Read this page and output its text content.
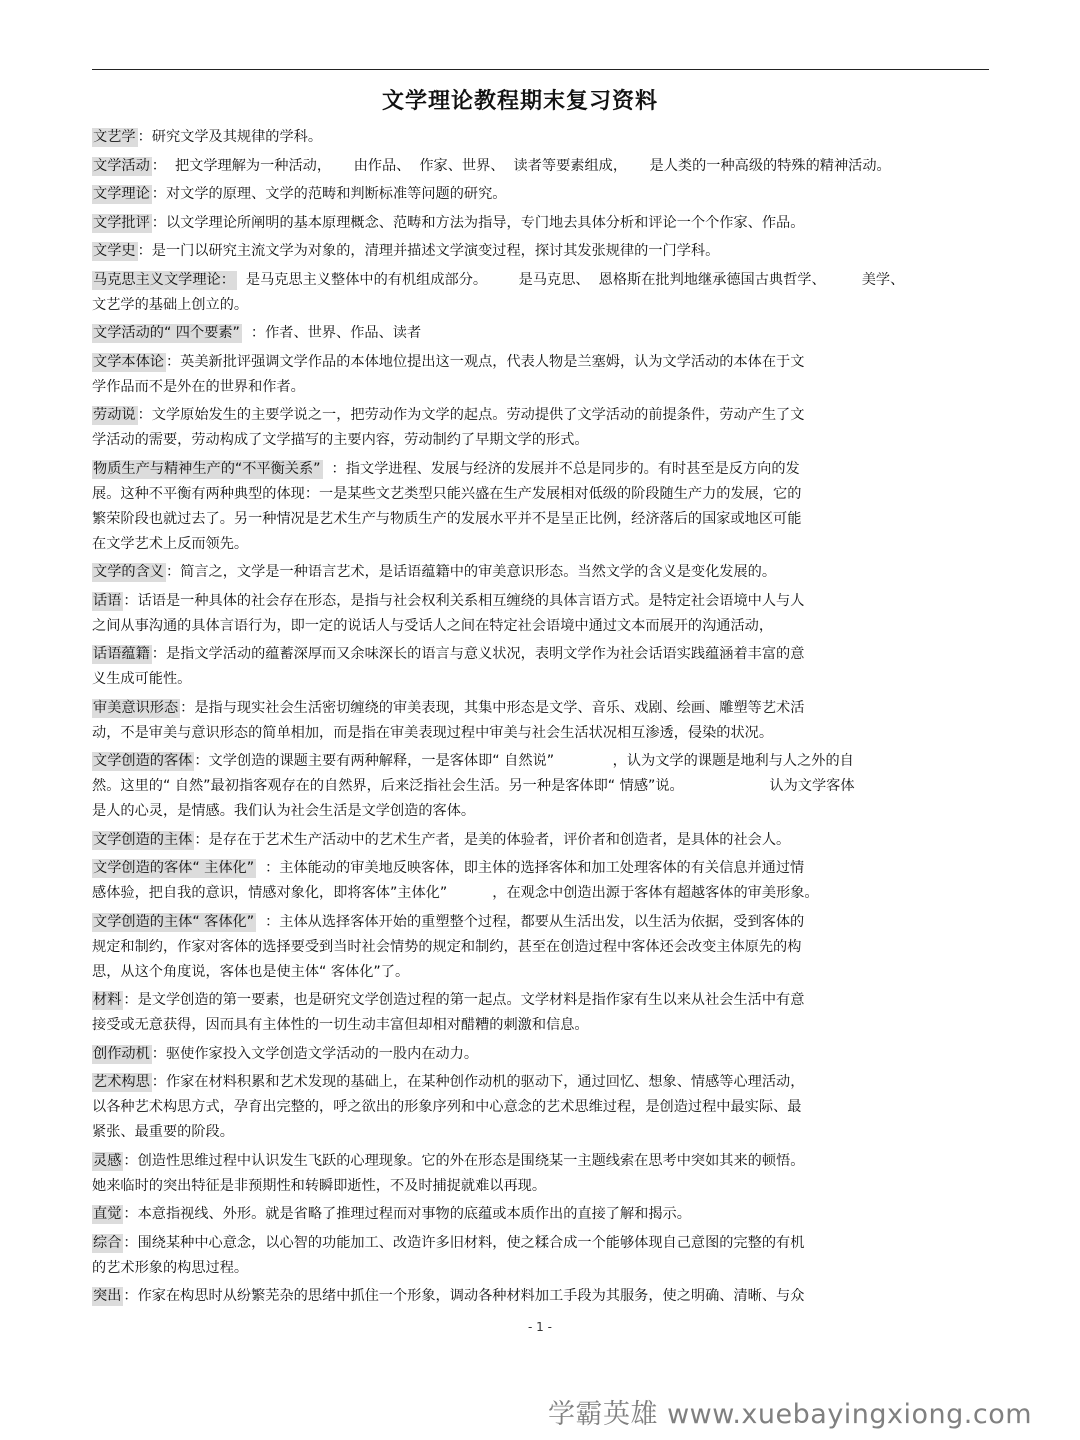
文学理论教程期末复习资料
文艺学 ：研究文学及其规律的学科。
文学活动 ：  把文学理解为一种活动，     由作品、  作家、世界、  读者等要素组成，     是人类的一种高级的特殊的精神活动。
文学理论 ：对文学的原理、文学的范畴和判断标准等问题的研究。
文学批评 ：以文学理论所阐明的基本原理概念、范畴和方法为指导，专门地去具体分析和评论一个个作家、作品。
文学史 ：是一门以研究主流文学为对象的，清理并描述文学演变过程，探讨其发张规律的一门学科。
马克思主义文学理论：  是马克思主义整体中的有机组成部分。       是马克思、  恩格斯在批判地继承德国古典哲学、        美学、
文艺学的基础上创立的。
文学活动的“ 四个要素”  ：作者、世界、作品、读者
文学本体论 ：英美新批评强调文学作品的本体地位提出这一观点，代表人物是兰塞姆，认为文学活动的本体在于文
学作品而不是外在的世界和作者。
劳动说 ：文学原始发生的主要学说之一，把劳动作为文学的起点。劳动提供了文学活动的前提条件，劳动产生了文
学活动的需要，劳动构成了文学描写的主要内容，劳动制约了早期文学的形式。
物质生产与精神生产的“不平衡关系”  ：指文学进程、发展与经济的发展并不总是同步的。有时甚至是反方向的发
展。这种不平衡有两种典型的体现：一是某些文艺类型只能兴盛在生产发展相对低级的阶段随生产力的发展，它的
繁荣阶段也就过去了。另一种情况是艺术生产与物质生产的发展水平并不是呈正比例，经济落后的国家或地区可能
在文学艺术上反而领先。
文学的含义 ：简言之，文学是一种语言艺术，是话语蕴籍中的审美意识形态。当然文学的含义是变化发展的。
话语 ：话语是一种具体的社会存在形态，是指与社会权利关系相互缠绕的具体言语方式。是特定社会语境中人与人
之间从事沟通的具体言语行为，即一定的说话人与受话人之间在特定社会语境中通过文本而展开的沟通活动，
话语蕴籍 ：是指文学活动的蕴蓄深厚而又余味深长的语言与意义状况，表明文学作为社会话语实践蕴涵着丰富的意
义生成可能性。
审美意识形态 ：是指与现实社会生活密切缠绕的审美表现，其集中形态是文学、音乐、戏剧、绘画、雕塑等艺术活
动，不是审美与意识形态的简单相加，而是指在审美表现过程中审美与社会生活状况相互渗透，侵染的状况。
文学创造的客体 ：文学创造的课题主要有两种解释，一是客体即“ 自然说”             ，认为文学的课题是地利与人之外的自
然。这里的“ 自然”最初指客观存在的自然界，后来泛指社会生活。另一种是客体即“ 情感”说。                   认为文学客体
是人的心灵，是情感。我们认为社会生活是文学创造的客体。
文学创造的主体 ：是存在于艺术生产活动中的艺术生产者，是美的体验者，评价者和创造者，是具体的社会人。
文学创造的客体“ 主体化”  ：主体能动的审美地反映客体，即主体的选择客体和加工处理客体的有关信息并通过情
感体验，把自我的意识，情感对象化，即将客体”主体化”          ，在观念中创造出源于客体有超越客体的审美形象。
文学创造的主体“ 客体化”  ：主体从选择客体开始的重塑整个过程，都要从生活出发，以生活为依据，受到客体的
规定和制约，作家对客体的选择要受到当时社会情势的规定和制约，甚至在创造过程中客体还会改变主体原先的构
思，从这个角度说，客体也是使主体“ 客体化”了。
材料 ：是文学创造的第一要素，也是研究文学创造过程的第一起点。文学材料是指作家有生以来从社会生活中有意
接受或无意获得，因而具有主体性的一切生动丰富但却相对醋糟的刺激和信息。
创作动机 ：驱使作家投入文学创造文学活动的一股内在动力。
艺术构思 ：作家在材料积累和艺术发现的基础上，在某种创作动机的驱动下，通过回忆、想象、情感等心理活动，
以各种艺术构思方式，孕育出完整的，呼之欲出的形象序列和中心意念的艺术思维过程，是创造过程中最实际、最
紧张、最重要的阶段。
灵感 ：创造性思维过程中认识发生飞跃的心理现象。它的外在形态是围绕某一主题线索在思考中突如其来的顿悟。
她来临时的突出特征是非预期性和转瞬即逝性，不及时捕捉就难以再现。
直觉 ：本意指视线、外形。就是省略了推理过程而对事物的底蕴或本质作出的直接了解和揭示。
综合 ：围绕某种中心意念，以心智的功能加工、改造许多旧材料，使之糅合成一个能够体现自己意图的完整的有机
的艺术形象的构思过程。
突出 ：作家在构思时从纷繁芜杂的思绪中抓住一个形象，调动各种材料加工手段为其服务，使之明确、清晰、与众
- 1 -
学霸英雄 www.xuebayingxiong.com
